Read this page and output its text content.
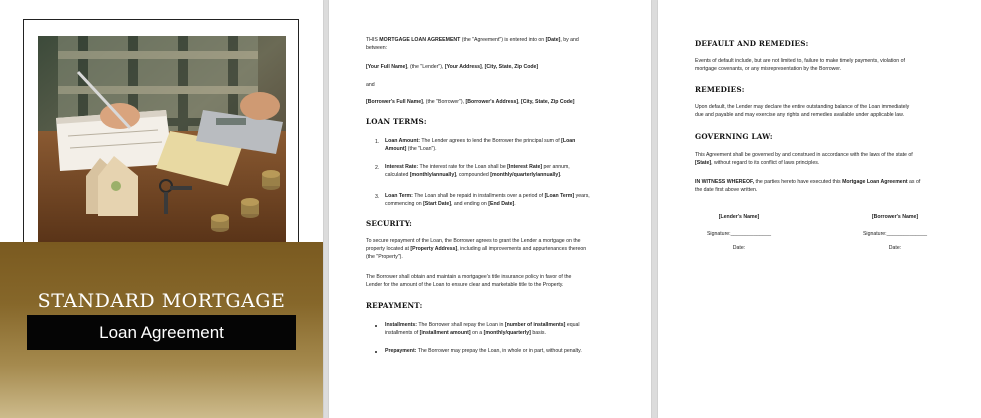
STANDARD MORTGAGE
Loan Agreement
THIS MORTGAGE LOAN AGREEMENT (the "Agreement") is entered into on [Date], by and
between:
[Your Full Name], (the "Lender"), [Your Address], [City, State, Zip Code]
and
[Borrower's Full Name], (the "Borrower"), [Borrower's Address], [City, State, Zip Code]
LOAN TERMS:
1. Loan Amount: The Lender agrees to lend the Borrower the principal sum of [Loan
Amount] (the "Loan").
2. Interest Rate: The interest rate for the Loan shall be [Interest Rate] per annum,
calculated [monthly/annually], compounded [monthly/quarterly/annually].
3. Loan Term: The Loan shall be repaid in installments over a period of [Loan Term] years,
commencing on [Start Date], and ending on [End Date].
SECURITY:
To secure repayment of the Loan, the Borrower agrees to grant the Lender a mortgage on the
property located at [Property Address], including all improvements and appurtenances thereon
(the "Property").
The Borrower shall obtain and maintain a mortgagee's title insurance policy in favor of the
Lender for the amount of the Loan to ensure clear and marketable title to the Property.
REPAYMENT:
Installments: The Borrower shall repay the Loan in [number of installments] equal
installments of [installment amount] on a [monthly/quarterly] basis.
Prepayment: The Borrower may prepay the Loan, in whole or in part, without penalty.
DEFAULT AND REMEDIES:
Events of default include, but are not limited to, failure to make timely payments, violation of
mortgage covenants, or any misrepresentation by the Borrower.
REMEDIES:
Upon default, the Lender may declare the entire outstanding balance of the Loan immediately
due and payable and may exercise any rights and remedies available under applicable law.
GOVERNING LAW:
This Agreement shall be governed by and construed in accordance with the laws of the state of
[State], without regard to its conflict of laws principles.
IN WITNESS WHEREOF, the parties hereto have executed this Mortgage Loan Agreement as of
the date first above written.
[Lender's Name]
Signature:______________
Date:
[Borrower's Name]
Signature:______________
Date:
